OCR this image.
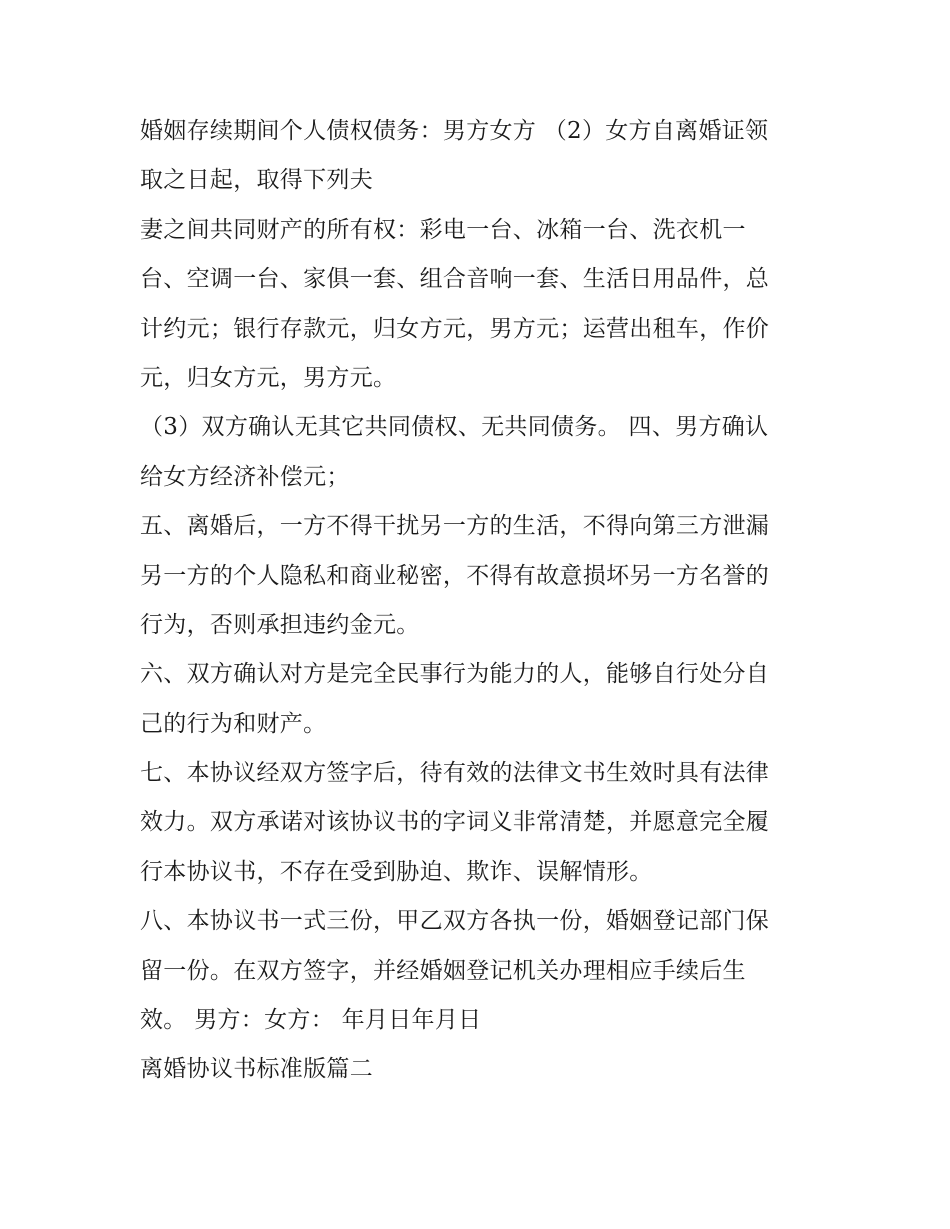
婚姻存续期间个人债权债务：男方女方 （2）女方自离婚证领
取之日起，取得下列夫
妻之间共同财产的所有权：彩电一台、冰箱一台、洗衣机一
台、空调一台、家俱一套、组合音响一套、生活日用品件，总
计约元；银行存款元，归女方元，男方元；运营出租车，作价
元，归女方元，男方元。
（3）双方确认无其它共同债权、无共同债务。 四、男方确认
给女方经济补偿元；
五、离婚后，一方不得干扰另一方的生活，不得向第三方泄漏
另一方的个人隐私和商业秘密，不得有故意损坏另一方名誉的
行为，否则承担违约金元。
六、双方确认对方是完全民事行为能力的人，能够自行处分自
己的行为和财产。
七、本协议经双方签字后，待有效的法律文书生效时具有法律
效力。双方承诺对该协议书的字词义非常清楚，并愿意完全履
行本协议书，不存在受到胁迫、欺诈、误解情形。
八、本协议书一式三份，甲乙双方各执一份，婚姻登记部门保
留一份。在双方签字，并经婚姻登记机关办理相应手续后生
效。 男方：女方： 年月日年月日
离婚协议书标准版篇二
